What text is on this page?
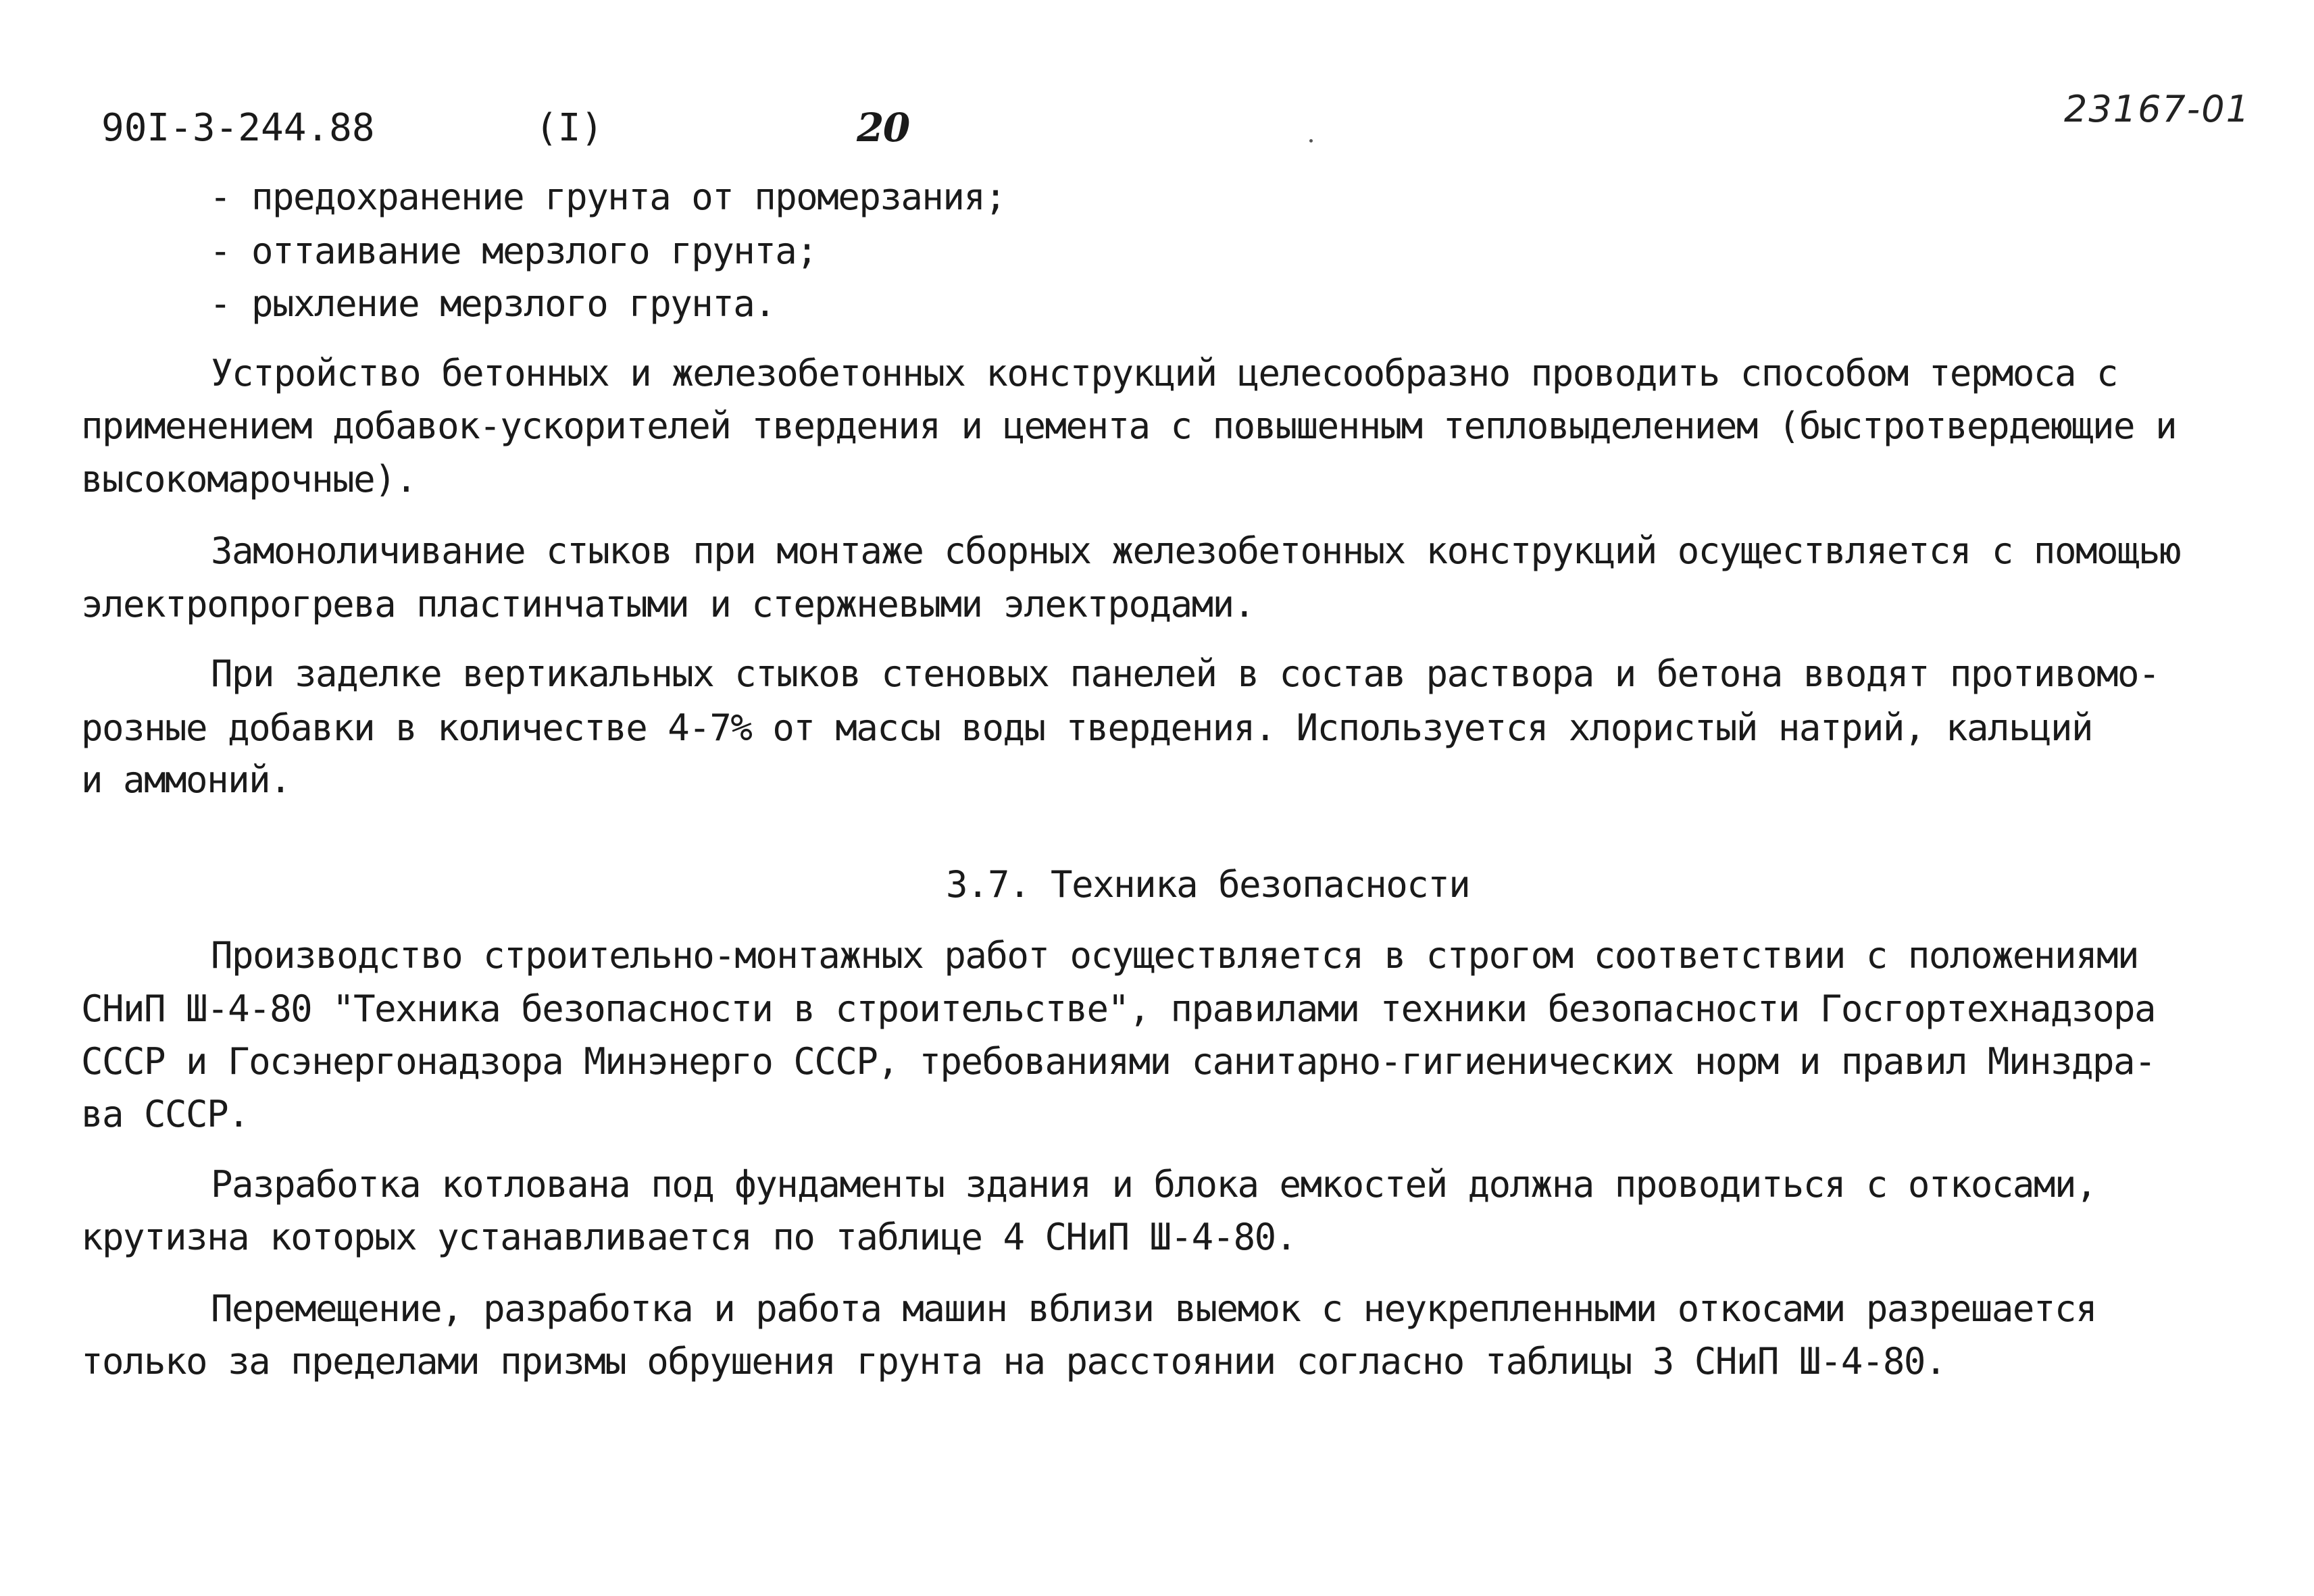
90I-3-244.88	(I)	20	23167-01
- предохранение грунта от промерзания;
- оттаивание мерзлого грунта;
- рыхление мерзлого грунта.
Устройство бетонных и железобетонных конструкций целесообразно проводить способом термоса с
применением добавок-ускорителей твердения и цемента с повышенным тепловыделением (быстротвердеющие и
высокомарочные).
Замоноличивание стыков при монтаже сборных железобетонных конструкций осуществляется с помощью
электропрогрева пластинчатыми и стержневыми электродами.
При заделке вертикальных стыков стеновых панелей в состав раствора и бетона вводят противомо-
розные добавки в количестве 4-7% от массы воды твердения. Используется хлористый натрий, кальций
и аммоний.
3.7. Техника безопасности
Производство строительно-монтажных работ осуществляется в строгом соответствии с положениями
СНиП Ш-4-80 "Техника безопасности в строительстве", правилами техники безопасности Госгортехнадзора
СССР и Госэнергонадзора Минэнерго СССР, требованиями санитарно-гигиенических норм и правил Минздра-
ва СССР.
Разработка котлована под фундаменты здания и блока емкостей должна проводиться с откосами,
крутизна которых устанавливается по таблице 4 СНиП Ш-4-80.
Перемещение, разработка и работа машин вблизи выемок с неукрепленными откосами разрешается
только за пределами призмы обрушения грунта на расстоянии согласно таблицы 3 СНиП Ш-4-80.
